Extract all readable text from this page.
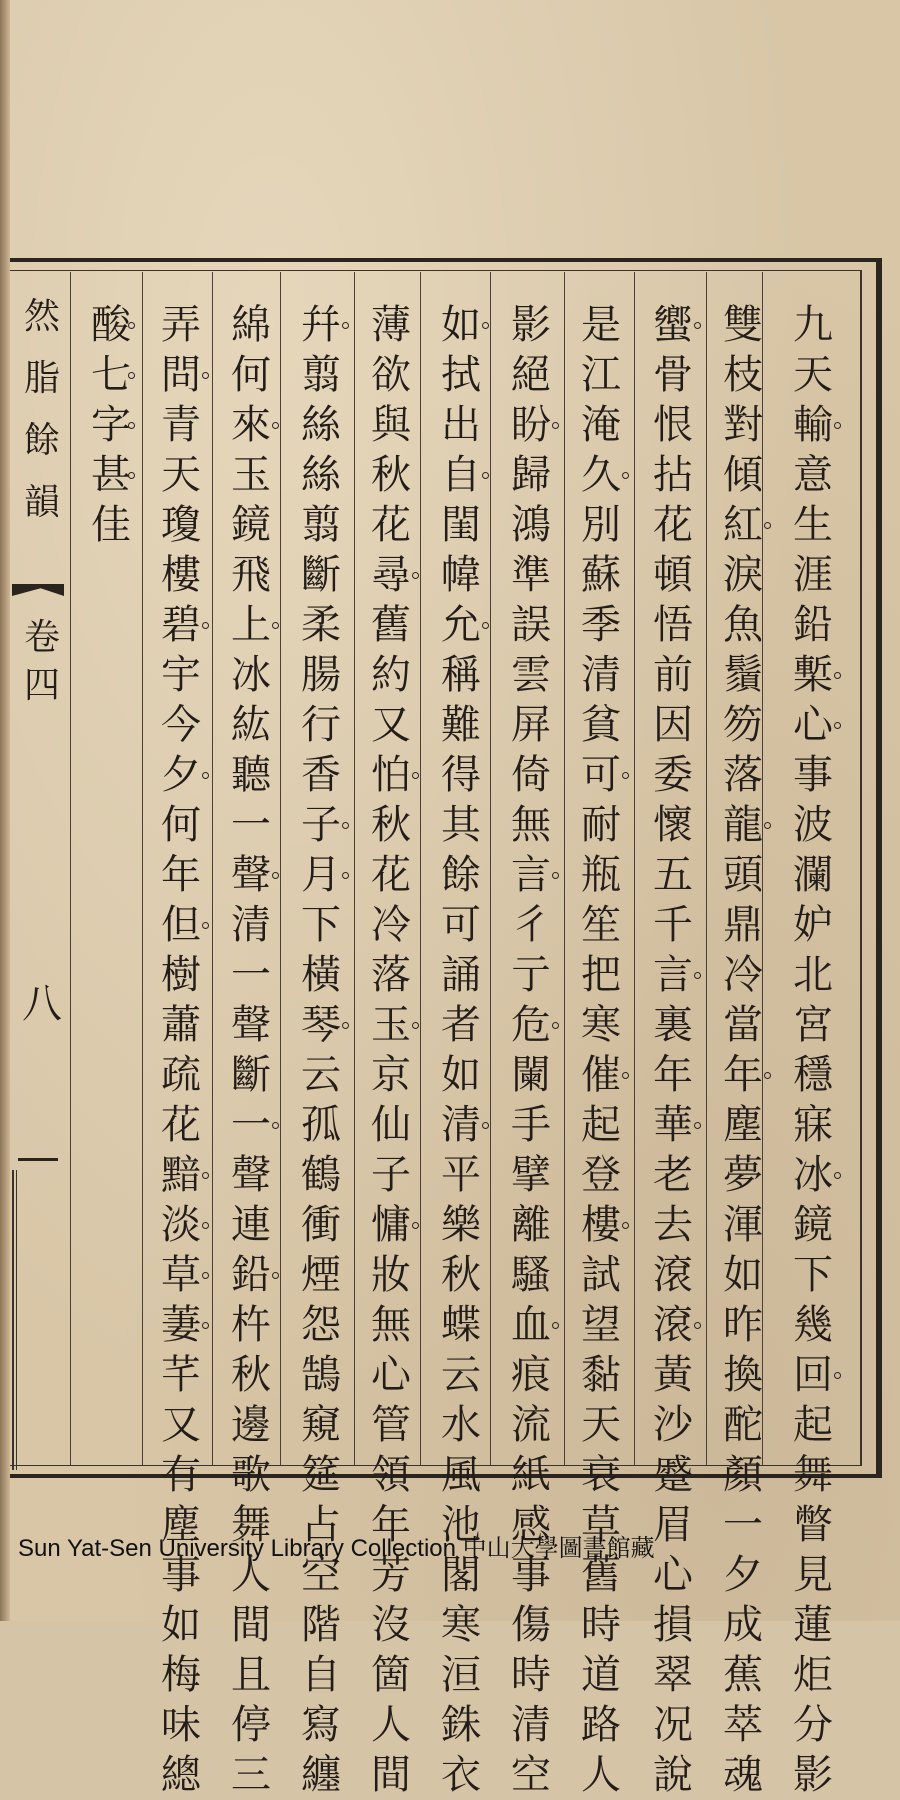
九天輸意生涯鉛槧心事波瀾妒北宮穩寐冰鏡下幾回起舞瞥見蓮炬分影
雙枝對傾紅淚魚鬚笏落龍頭鼎冷當年塵夢渾如昨換酡顏一夕成蕉萃魂
蠁骨恨拈花頓悟前因委懷五千言裏年華老去滾滾黃沙蹙眉心損翠况說
是江淹久別蘇季清貧可耐瓶笙把寒催起登樓試望黏天衰草舊時道路人
影絕盼歸鴻準誤雲屏倚無言彳亍危闌手擘離騷血痕流紙感事傷時清空
如拭出自閨幃允稱難得其餘可誦者如清平樂秋蝶云水風池閣寒洹銖衣
薄欲與秋花尋舊約又怕秋花冷落玉京仙子慵妝無心管領年芳沒箇人間
幷翦絲絲翦斷柔腸行香子月下橫琴云孤鶴衝煙怨鵠窺筵占空階自寫纏
綿何來玉鏡飛上冰紘聽一聲清一聲斷一聲連鉛杵秋邊歌舞人間且停三
弄問青天瓊樓碧宇今夕何年但樹蕭疏花黯淡草萋芊又有塵事如梅味總
酸七字甚佳
然脂餘韻
卷四
八
Sun Yat-Sen University Library Collection 中山大學圖書館藏
